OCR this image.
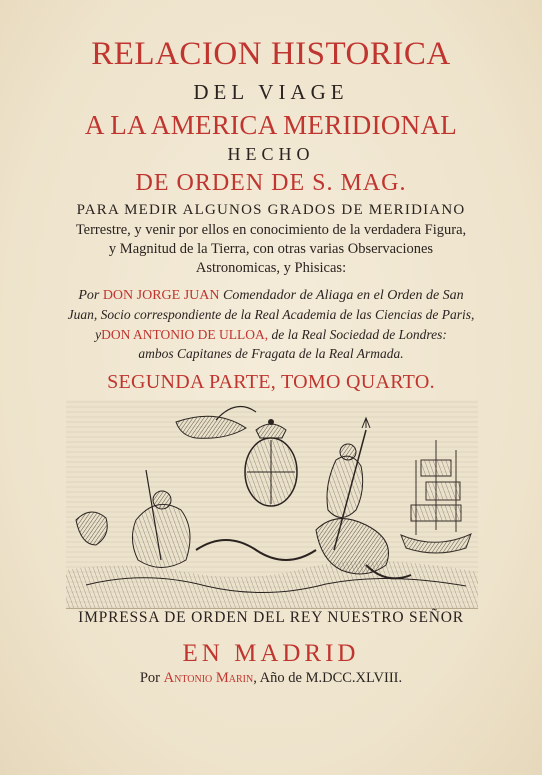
RELACION HISTORICA
DEL VIAGE
A LA AMERICA MERIDIONAL
HECHO
DE ORDEN DE S. MAG.
PARA MEDIR ALGUNOS GRADOS DE MERIDIANO
Terrestre, y venir por ellos en conocimiento de la verdadera Figura,
y Magnitud de la Tierra, con otras varias Observaciones
Astronomicas, y Phisicas:
Por DON JORGE JUAN Comendador de Aliaga en el Orden de San
Juan, Socio correspondiente de la Real Academia de las Ciencias de Paris,
yDON ANTONIO DE ULLOA, de la Real Sociedad de Londres:
ambos Capitanes de Fragata de la Real Armada.
SEGUNDA PARTE, TOMO QUARTO.
IMPRESSA DE ORDEN DEL REY NUESTRO SEÑOR
EN MADRID
Por Antonio Marin, Año de M.DCC.XLVIII.
